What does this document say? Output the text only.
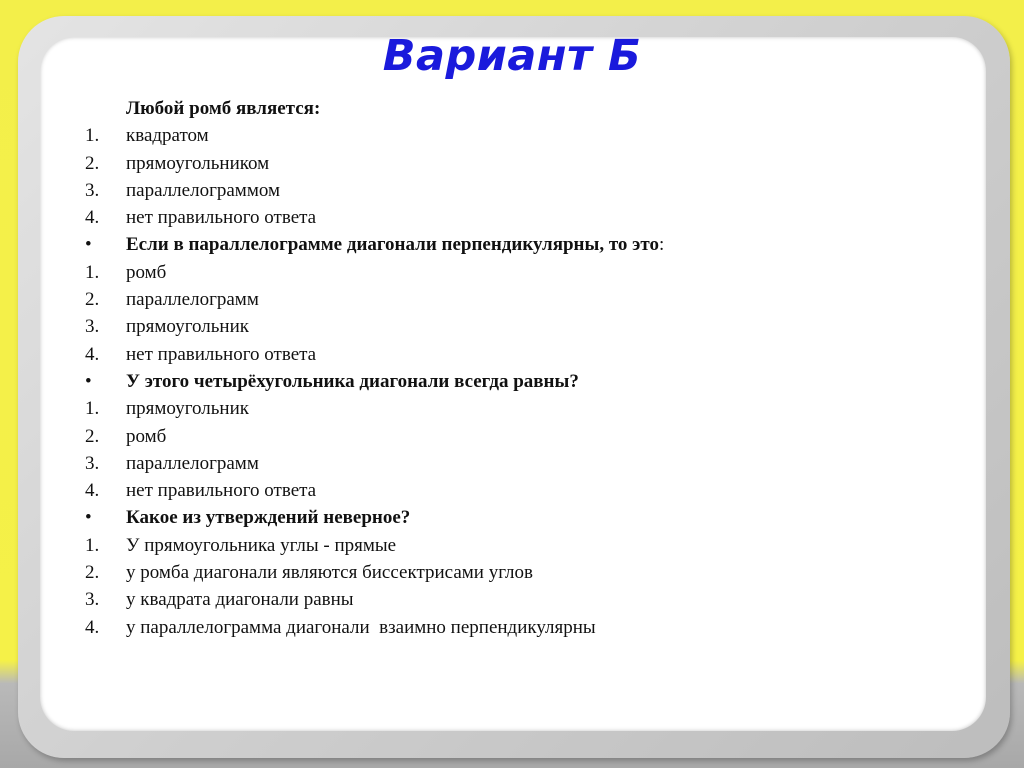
Вариант Б
Любой ромб является:
1.	квадратом
2.	прямоугольником
3.	параллелограммом
4.	нет правильного ответа
•	Если в параллелограмме диагонали перпендикулярны, то это:
1.	ромб
2.	параллелограмм
3.	прямоугольник
4.	нет правильного ответа
•	У этого четырёхугольника диагонали всегда равны?
1.	прямоугольник
2.	ромб
3.	параллелограмм
4.	нет правильного ответа
•	Какое из утверждений неверное?
1.	У прямоугольника углы - прямые
2.	у ромба диагонали являются биссектрисами углов
3.	у квадрата диагонали равны
4.	у параллелограмма диагонали  взаимно перпендикулярны
